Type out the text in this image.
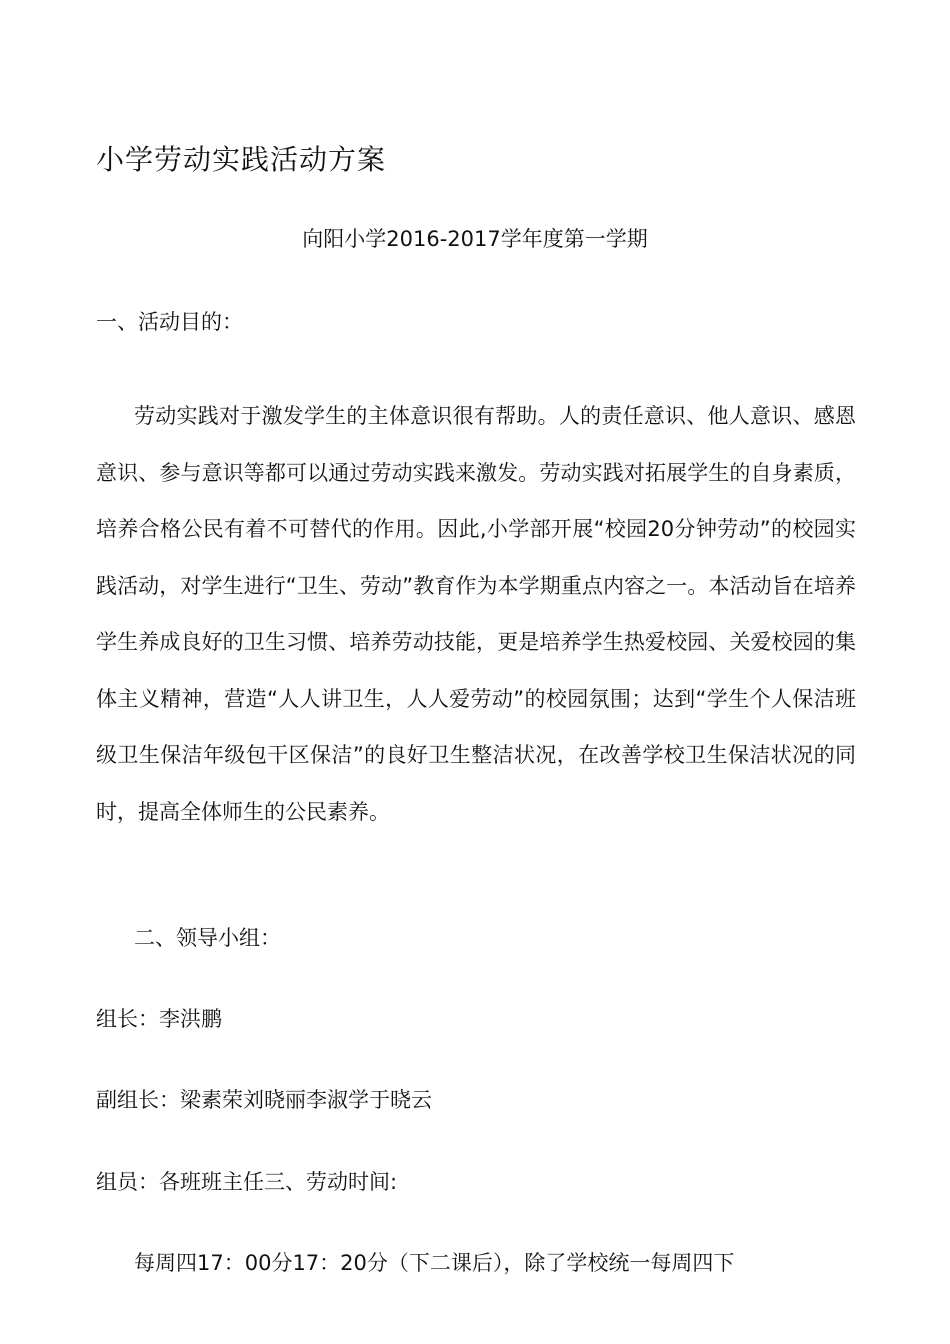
小学劳动实践活动方案
向阳小学2016-2017学年度第一学期
一、活动目的：
劳动实践对于激发学生的主体意识很有帮助。人的责任意识、他人意识、感恩意识、参与意识等都可以通过劳动实践来激发。劳动实践对拓展学生的自身素质，培养合格公民有着不可替代的作用。因此,小学部开展“校园20分钟劳动”的校园实践活动，对学生进行“卫生、劳动”教育作为本学期重点内容之一。本活动旨在培养学生养成良好的卫生习惯、培养劳动技能，更是培养学生热爱校园、关爱校园的集体主义精神，营造“人人讲卫生，人人爱劳动”的校园氛围；达到“学生个人保洁班级卫生保洁年级包干区保洁”的良好卫生整洁状况，在改善学校卫生保洁状况的同时，提高全体师生的公民素养。
二、领导小组：
组长：李洪鹏
副组长：梁素荣刘晓丽李淑学于晓云
组员：各班班主任三、劳动时间:
每周四17：00分17：20分（下二课后），除了学校统一每周四下
